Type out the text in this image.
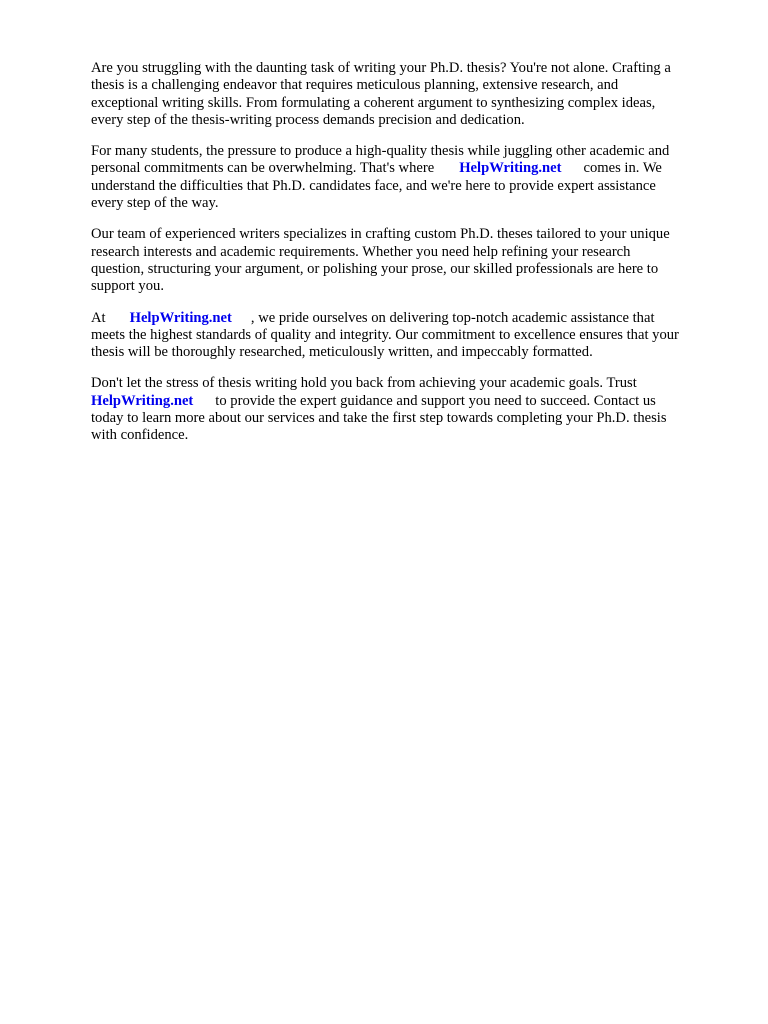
Are you struggling with the daunting task of writing your Ph.D. thesis? You're not alone. Crafting a
thesis is a challenging endeavor that requires meticulous planning, extensive research, and
exceptional writing skills. From formulating a coherent argument to synthesizing complex ideas,
every step of the thesis-writing process demands precision and dedication.

For many students, the pressure to produce a high-quality thesis while juggling other academic and
personal commitments can be overwhelming. That's where HelpWriting.net comes in. We
understand the difficulties that Ph.D. candidates face, and we're here to provide expert assistance
every step of the way.

Our team of experienced writers specializes in crafting custom Ph.D. theses tailored to your unique
research interests and academic requirements. Whether you need help refining your research
question, structuring your argument, or polishing your prose, our skilled professionals are here to
support you.

At HelpWriting.net , we pride ourselves on delivering top-notch academic assistance that
meets the highest standards of quality and integrity. Our commitment to excellence ensures that your
thesis will be thoroughly researched, meticulously written, and impeccably formatted.

Don't let the stress of thesis writing hold you back from achieving your academic goals. Trust
HelpWriting.net to provide the expert guidance and support you need to succeed. Contact us
today to learn more about our services and take the first step towards completing your Ph.D. thesis
with confidence.
